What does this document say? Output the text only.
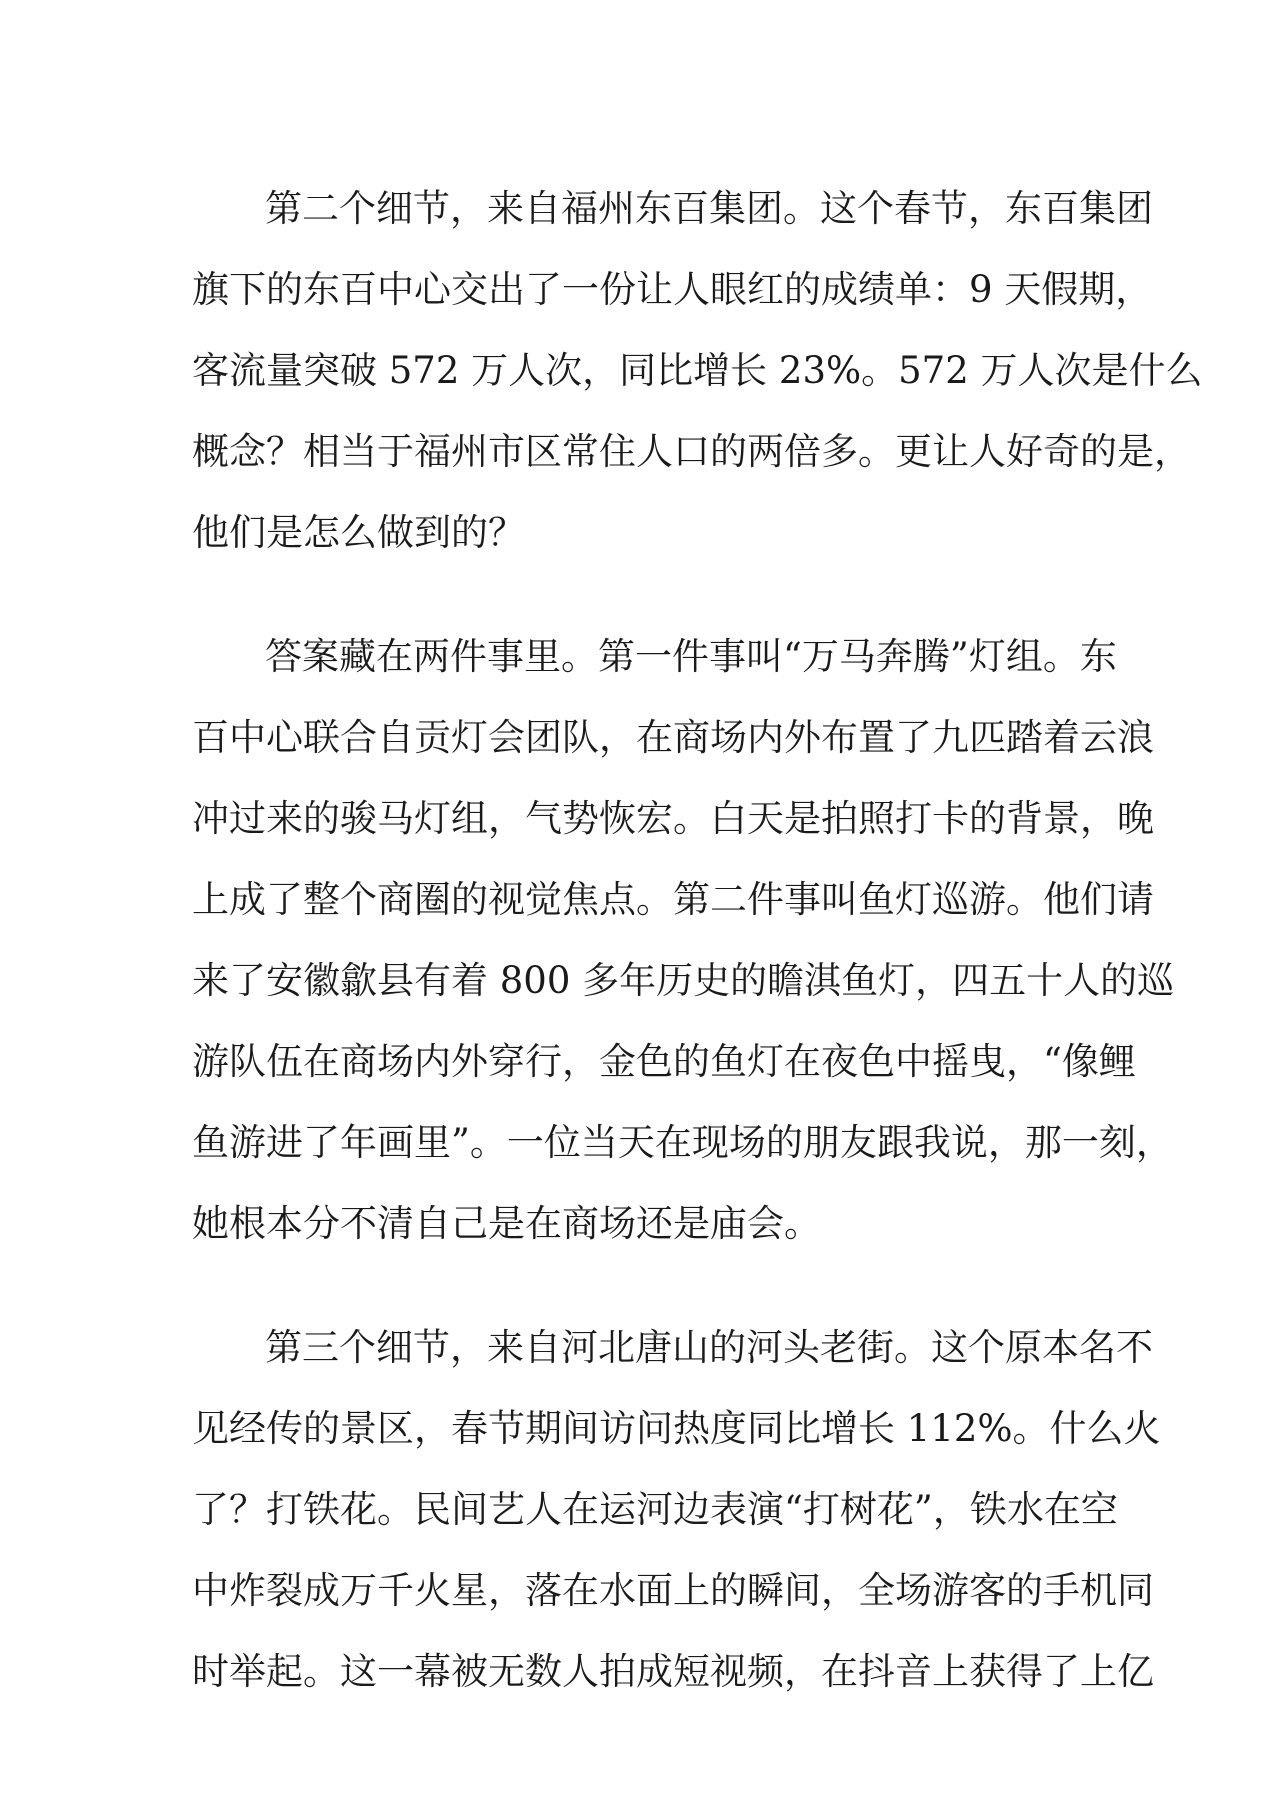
第二个细节，来自福州东百集团。这个春节，东百集团
旗下的东百中心交出了一份让人眼红的成绩单：9 天假期，
客流量突破 572 万人次，同比增长 23%。572 万人次是什么
概念？相当于福州市区常住人口的两倍多。更让人好奇的是，
他们是怎么做到的？
答案藏在两件事里。第一件事叫“万马奔腾”灯组。东
百中心联合自贡灯会团队，在商场内外布置了九匹踏着云浪
冲过来的骏马灯组，气势恢宏。白天是拍照打卡的背景，晚
上成了整个商圈的视觉焦点。第二件事叫鱼灯巡游。他们请
来了安徽歙县有着 800 多年历史的瞻淇鱼灯，四五十人的巡
游队伍在商场内外穿行，金色的鱼灯在夜色中摇曳，“像鲤
鱼游进了年画里”。一位当天在现场的朋友跟我说，那一刻，
她根本分不清自己是在商场还是庙会。
第三个细节，来自河北唐山的河头老街。这个原本名不
见经传的景区，春节期间访问热度同比增长 112%。什么火
了？打铁花。民间艺人在运河边表演“打树花”，铁水在空
中炸裂成万千火星，落在水面上的瞬间，全场游客的手机同
时举起。这一幕被无数人拍成短视频，在抖音上获得了上亿
